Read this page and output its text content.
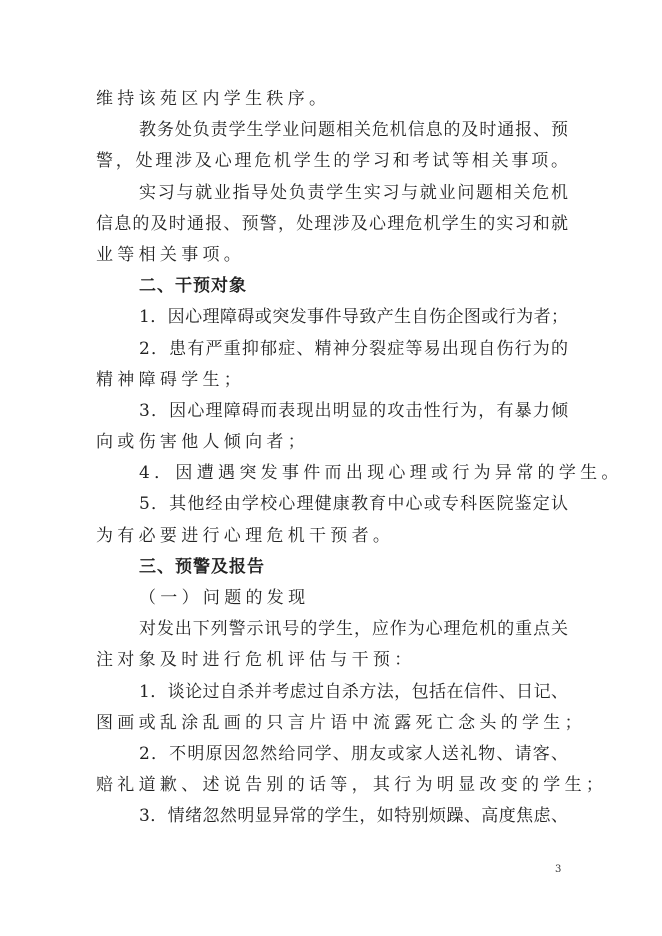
维持该苑区内学生秩序。
教务处负责学生学业问题相关危机信息的及时通报、预
警，处理涉及心理危机学生的学习和考试等相关事项。
实习与就业指导处负责学生实习与就业问题相关危机
信息的及时通报、预警，处理涉及心理危机学生的实习和就
业等相关事项。
二、干预对象
1．因心理障碍或突发事件导致产生自伤企图或行为者；
2．患有严重抑郁症、精神分裂症等易出现自伤行为的
精神障碍学生；
3．因心理障碍而表现出明显的攻击性行为，有暴力倾
向或伤害他人倾向者；
4．因遭遇突发事件而出现心理或行为异常的学生。
5．其他经由学校心理健康教育中心或专科医院鉴定认
为有必要进行心理危机干预者。
三、预警及报告
（一）问题的发现
对发出下列警示讯号的学生，应作为心理危机的重点关
注对象及时进行危机评估与干预：
1．谈论过自杀并考虑过自杀方法，包括在信件、日记、
图画或乱涂乱画的只言片语中流露死亡念头的学生；
2．不明原因忽然给同学、朋友或家人送礼物、请客、
赔礼道歉、述说告别的话等，其行为明显改变的学生；
3．情绪忽然明显异常的学生，如特别烦躁、高度焦虑、
3
